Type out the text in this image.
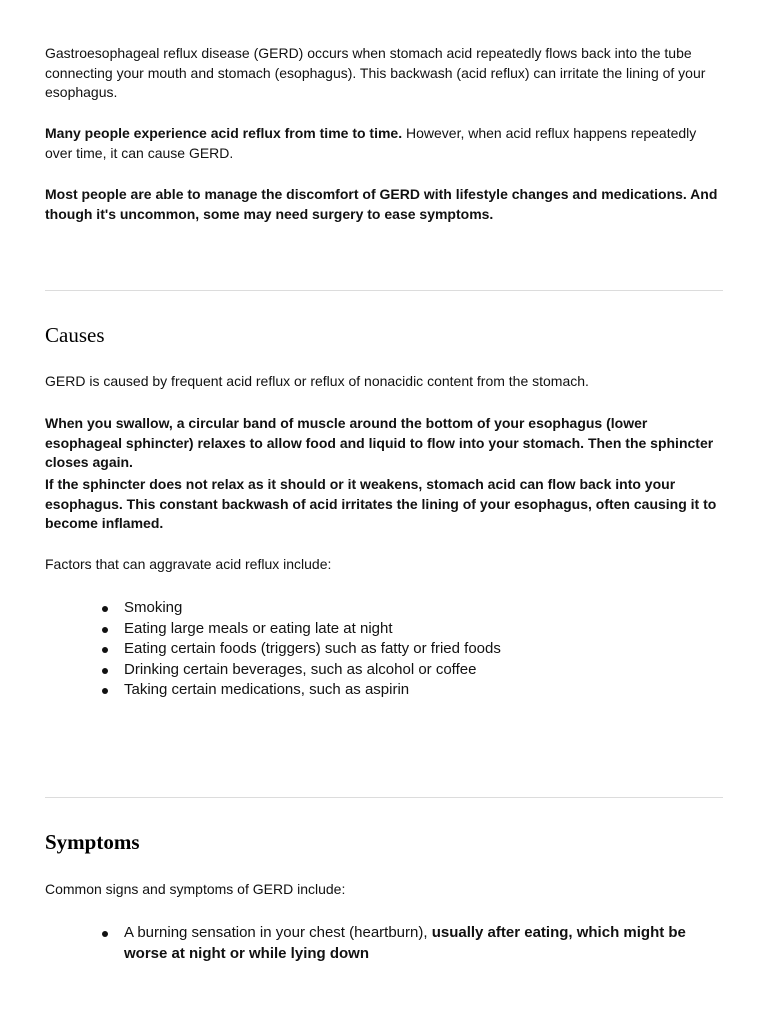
Gastroesophageal reflux disease (GERD) occurs when stomach acid repeatedly flows back into the tube connecting your mouth and stomach (esophagus). This backwash (acid reflux) can irritate the lining of your esophagus.

Many people experience acid reflux from time to time. However, when acid reflux happens repeatedly over time, it can cause GERD.

Most people are able to manage the discomfort of GERD with lifestyle changes and medications. And though it's uncommon, some may need surgery to ease symptoms.

Causes

GERD is caused by frequent acid reflux or reflux of nonacidic content from the stomach.

When you swallow, a circular band of muscle around the bottom of your esophagus (lower esophageal sphincter) relaxes to allow food and liquid to flow into your stomach. Then the sphincter closes again.

If the sphincter does not relax as it should or it weakens, stomach acid can flow back into your esophagus. This constant backwash of acid irritates the lining of your esophagus, often causing it to become inflamed.

Factors that can aggravate acid reflux include:

Smoking
Eating large meals or eating late at night
Eating certain foods (triggers) such as fatty or fried foods
Drinking certain beverages, such as alcohol or coffee
Taking certain medications, such as aspirin
Symptoms

Common signs and symptoms of GERD include:

A burning sensation in your chest (heartburn), usually after eating, which might be worse at night or while lying down
